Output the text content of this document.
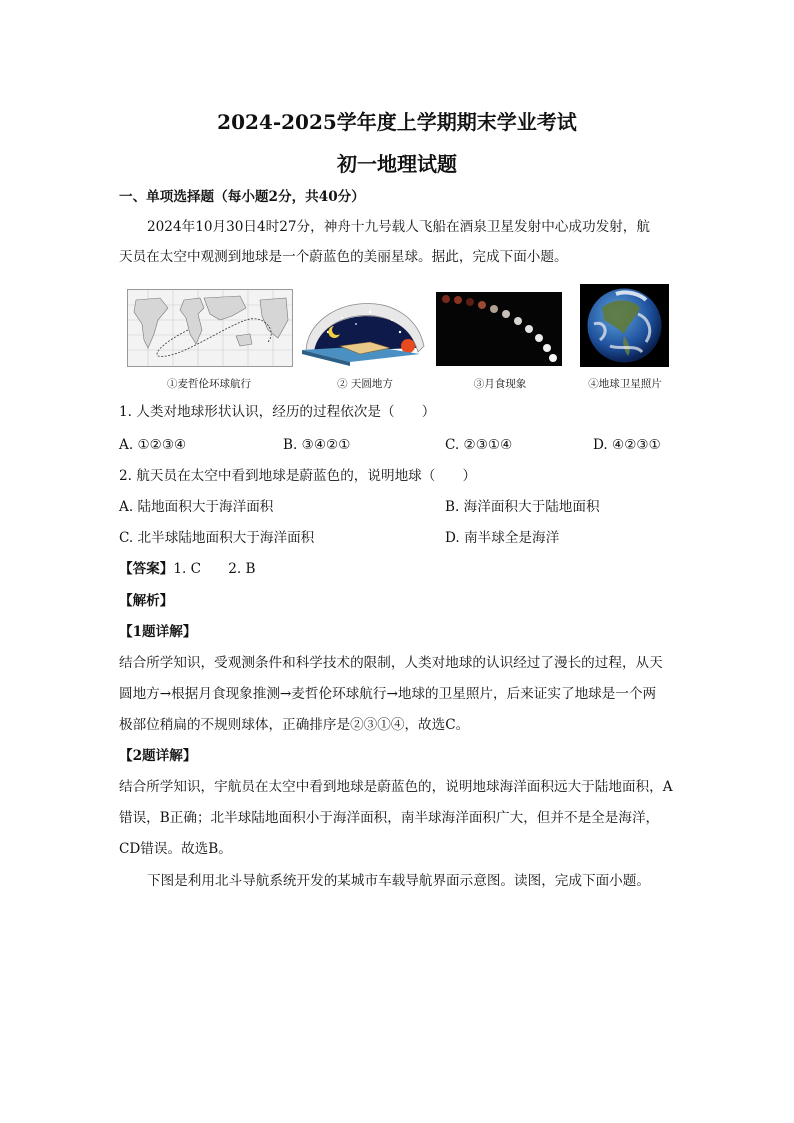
2024-2025学年度上学期期末学业考试
初一地理试题
一、单项选择题（每小题2分，共40分）
2024年10月30日4时27分，神舟十九号载人飞船在酒泉卫星发射中心成功发射，航
天员在太空中观测到地球是一个蔚蓝色的美丽星球。据此，完成下面小题。
①麦哲伦环球航行	② 天圆地方	③月食现象	④地球卫星照片
1. 人类对地球形状认识，经历的过程依次是（　　）
A. ①②③④	B. ③④②①	C. ②③①④	D. ④②③①
2. 航天员在太空中看到地球是蔚蓝色的，说明地球（　　）
A. 陆地面积大于海洋面积	B. 海洋面积大于陆地面积
C. 北半球陆地面积大于海洋面积	D. 南半球全是海洋
【答案】1. C　　2. B
【解析】
【1题详解】
结合所学知识，受观测条件和科学技术的限制，人类对地球的认识经过了漫长的过程，从天
圆地方→根据月食现象推测→麦哲伦环球航行→地球的卫星照片，后来证实了地球是一个两
极部位稍扁的不规则球体，正确排序是②③①④，故选C。
【2题详解】
结合所学知识，宇航员在太空中看到地球是蔚蓝色的，说明地球海洋面积远大于陆地面积，A
错误，B正确；北半球陆地面积小于海洋面积，南半球海洋面积广大，但并不是全是海洋，
CD错误。故选B。
下图是利用北斗导航系统开发的某城市车载导航界面示意图。读图，完成下面小题。
